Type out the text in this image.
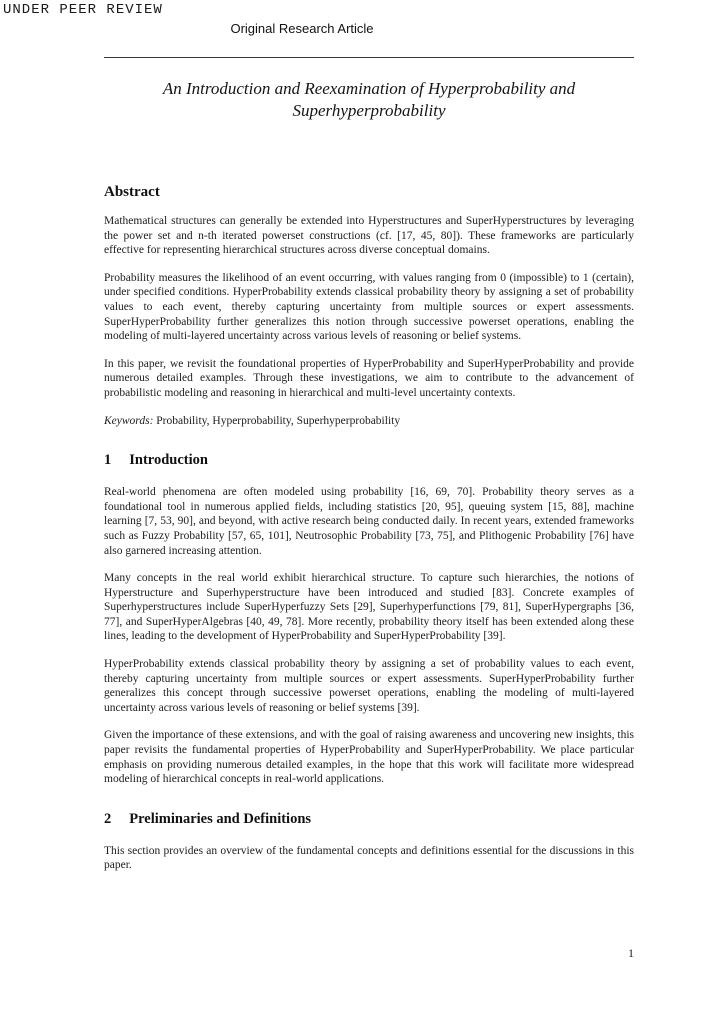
UNDER PEER REVIEW
Original Research Article
An Introduction and Reexamination of Hyperprobability and Superhyperprobability
Abstract

Mathematical structures can generally be extended into Hyperstructures and SuperHyperstructures by leveraging the power set and n-th iterated powerset constructions (cf. [17, 45, 80]). These frameworks are particularly effective for representing hierarchical structures across diverse conceptual domains.

Probability measures the likelihood of an event occurring, with values ranging from 0 (impossible) to 1 (certain), under specified conditions. HyperProbability extends classical probability theory by assigning a set of probability values to each event, thereby capturing uncertainty from multiple sources or expert assessments. SuperHyperProbability further generalizes this notion through successive powerset operations, enabling the modeling of multi-layered uncertainty across various levels of reasoning or belief systems.

In this paper, we revisit the foundational properties of HyperProbability and SuperHyperProbability and provide numerous detailed examples. Through these investigations, we aim to contribute to the advancement of probabilistic modeling and reasoning in hierarchical and multi-level uncertainty contexts.

Keywords: Probability, Hyperprobability, Superhyperprobability

1 Introduction

Real-world phenomena are often modeled using probability [16, 69, 70]. Probability theory serves as a foundational tool in numerous applied fields, including statistics [20, 95], queuing system [15, 88], machine learning [7, 53, 90], and beyond, with active research being conducted daily. In recent years, extended frameworks such as Fuzzy Probability [57, 65, 101], Neutrosophic Probability [73, 75], and Plithogenic Probability [76] have also garnered increasing attention.

Many concepts in the real world exhibit hierarchical structure. To capture such hierarchies, the notions of Hyperstructure and Superhyperstructure have been introduced and studied [83]. Concrete examples of Superhyperstructures include SuperHyperfuzzy Sets [29], Superhyperfunctions [79, 81], SuperHypergraphs [36, 77], and SuperHyperAlgebras [40, 49, 78]. More recently, probability theory itself has been extended along these lines, leading to the development of HyperProbability and SuperHyperProbability [39].

HyperProbability extends classical probability theory by assigning a set of probability values to each event, thereby capturing uncertainty from multiple sources or expert assessments. SuperHyperProbability further generalizes this concept through successive powerset operations, enabling the modeling of multi-layered uncertainty across various levels of reasoning or belief systems [39].

Given the importance of these extensions, and with the goal of raising awareness and uncovering new insights, this paper revisits the fundamental properties of HyperProbability and SuperHyperProbability. We place particular emphasis on providing numerous detailed examples, in the hope that this work will facilitate more widespread modeling of hierarchical concepts in real-world applications.

2 Preliminaries and Definitions

This section provides an overview of the fundamental concepts and definitions essential for the discussions in this paper.

1
